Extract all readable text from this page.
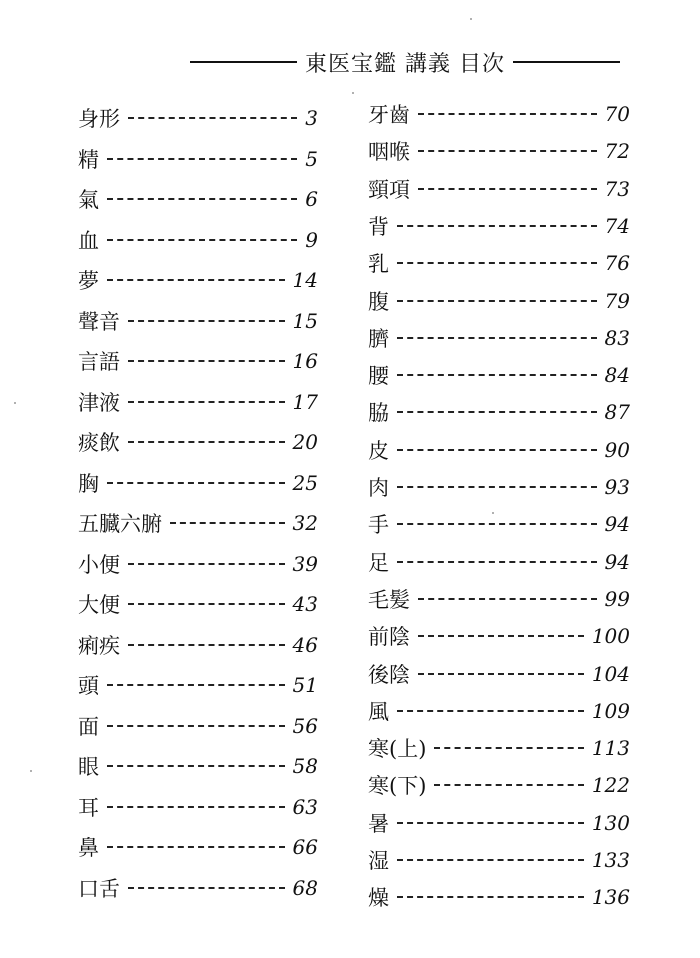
東医宝鑑 講義 目次
身形	3
精	5
氣	6
血	9
夢	14
聲音	15
言語	16
津液	17
痰飲	20
胸	25
五臓六腑	32
小便	39
大便	43
痢疾	46
頭	51
面	56
眼	58
耳	63
鼻	66
口舌	68
牙齒	70
咽喉	72
頸項	73
背	74
乳	76
腹	79
臍	83
腰	84
脇	87
皮	90
肉	93
手	94
足	94
毛髪	99
前陰	100
後陰	104
風	109
寒(上)	113
寒(下)	122
暑	130
湿	133
燥	136
